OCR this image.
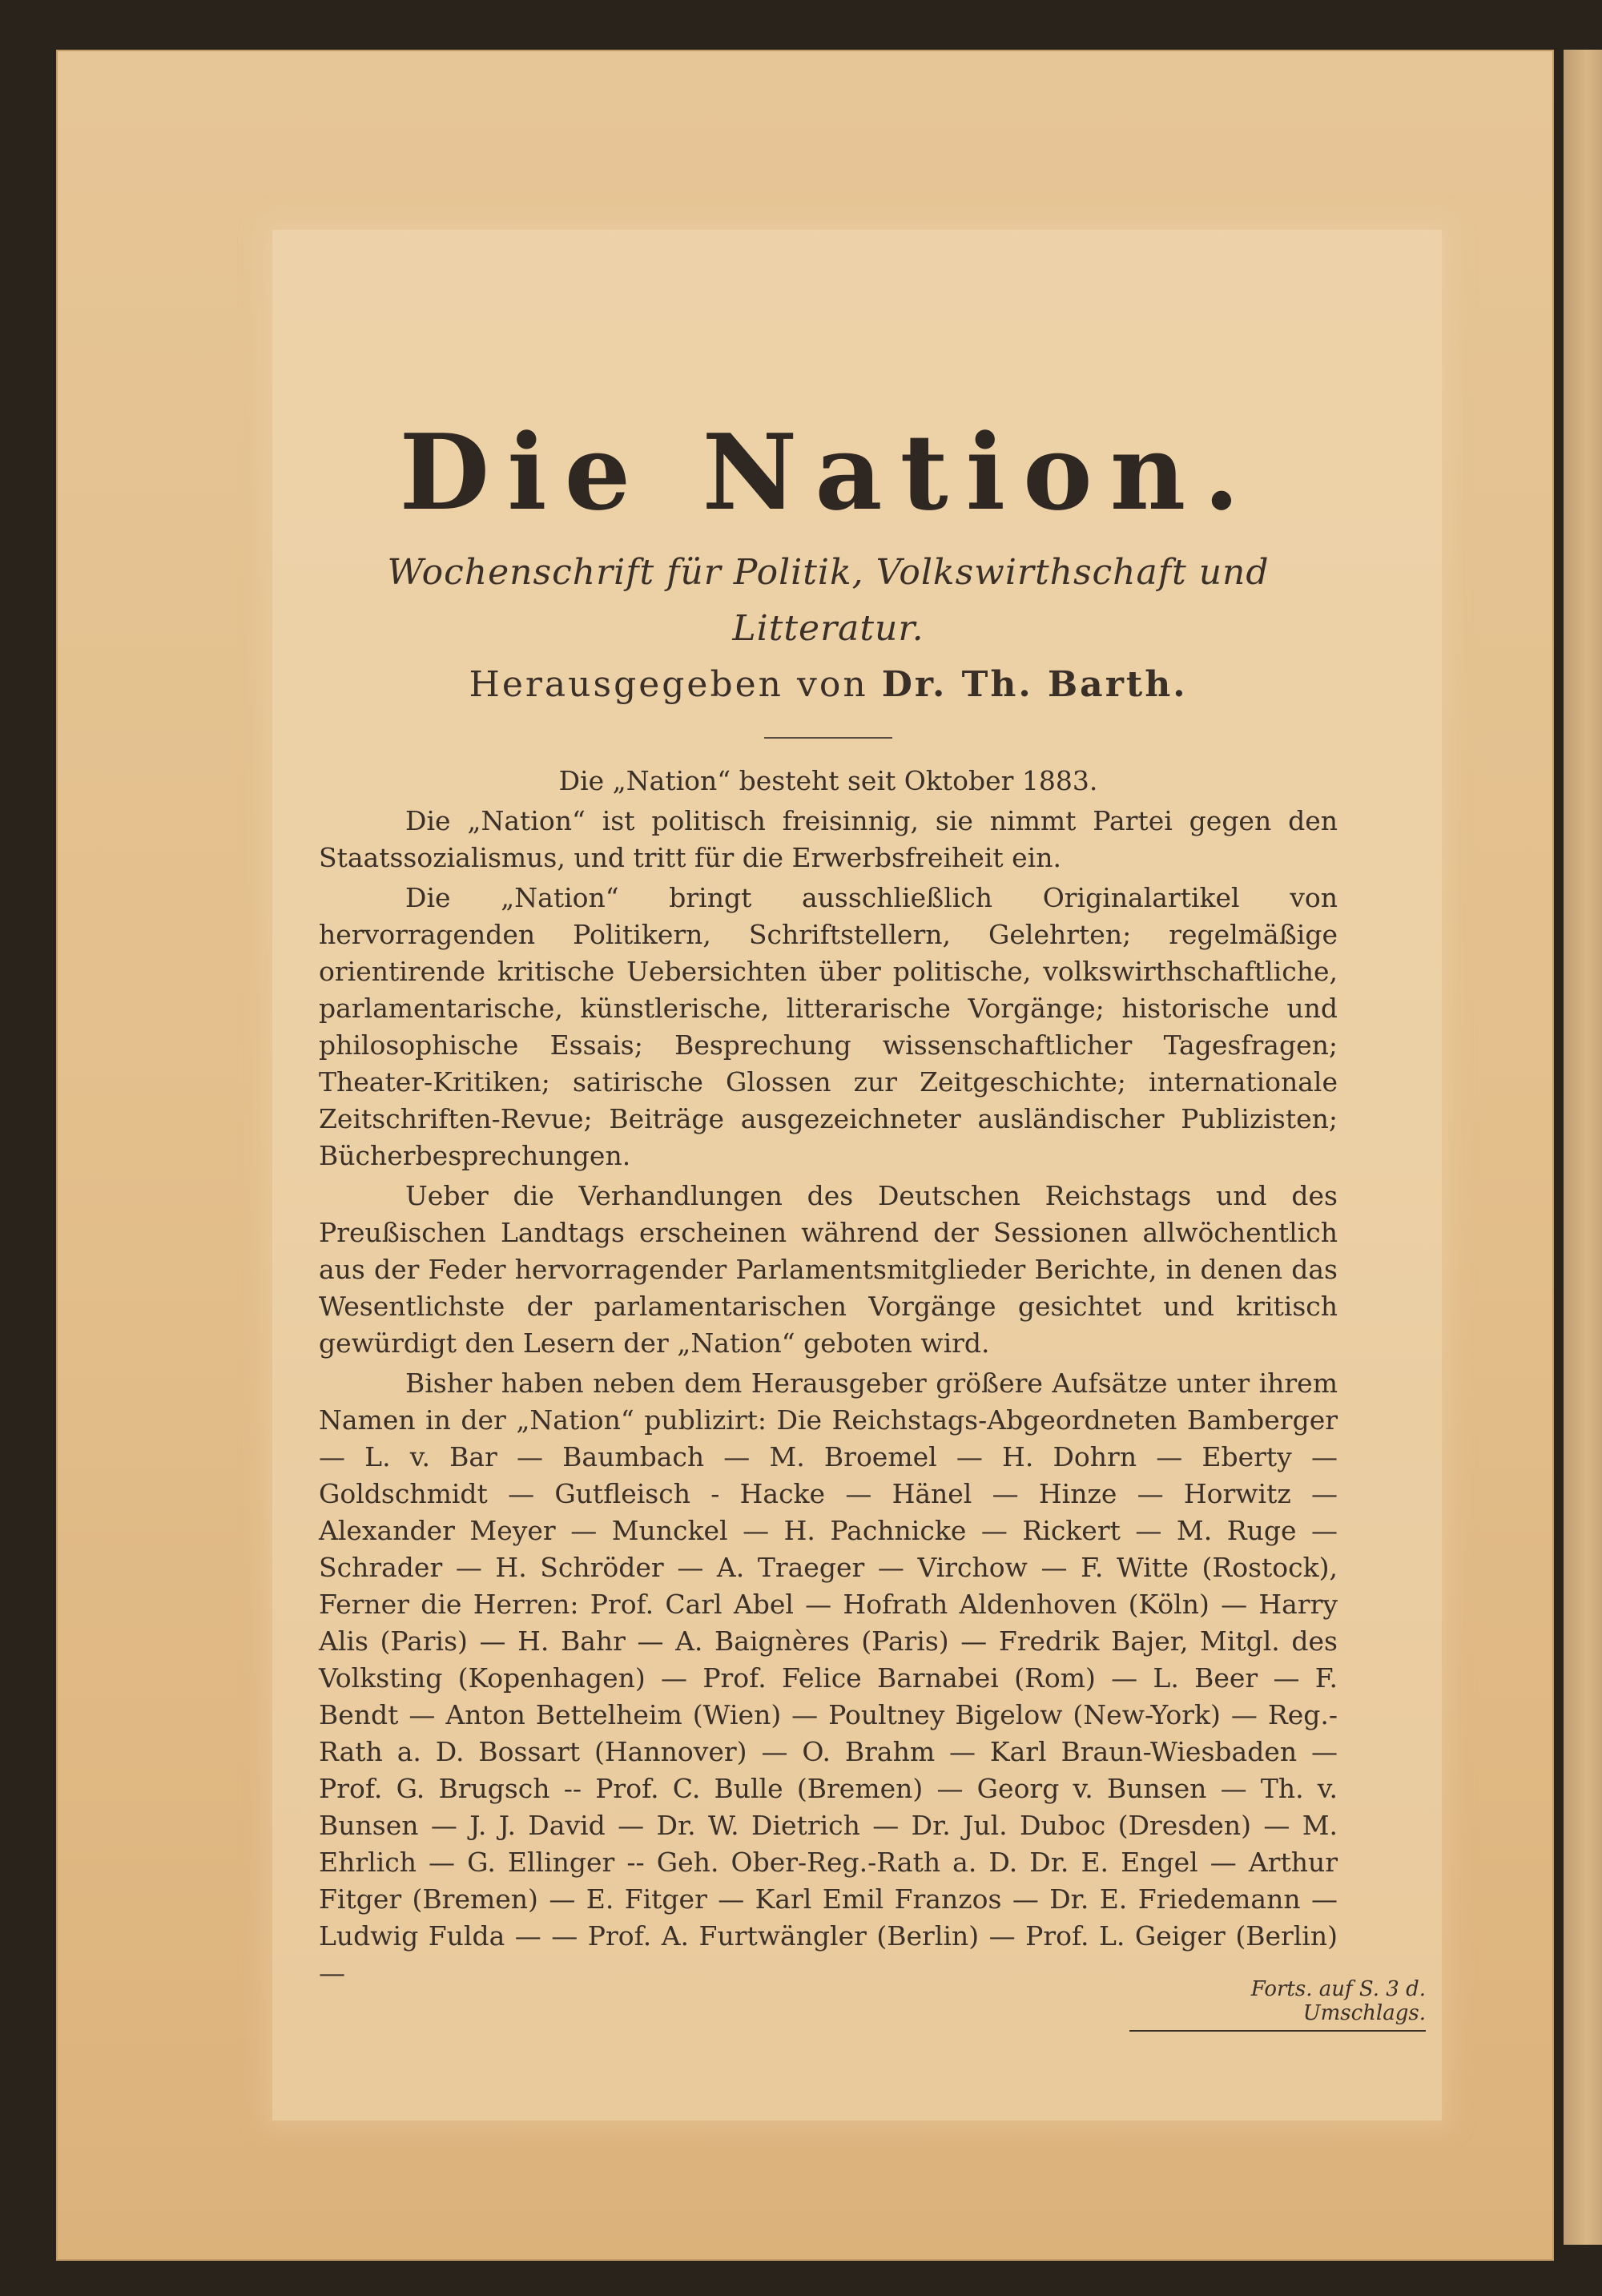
Die Nation.

Wochenschrift für Politik, Volkswirthschaft und Litteratur.

Herausgegeben von Dr. Th. Barth.

Die „Nation“ besteht seit Oktober 1883.

Die „Nation“ ist politisch freisinnig, sie nimmt Partei gegen den Staatssozialismus, und tritt für die Erwerbsfreiheit ein.

Die „Nation“ bringt ausschließlich Originalartikel von hervorragenden Politikern, Schriftstellern, Gelehrten; regelmäßige orientirende kritische Uebersichten über politische, volkswirthschaftliche, parlamentarische, künstlerische, litterarische Vorgänge; historische und philosophische Essais; Besprechung wissenschaftlicher Tagesfragen; Theater-Kritiken; satirische Glossen zur Zeitgeschichte; internationale Zeitschriften-Revue; Beiträge ausgezeichneter ausländischer Publizisten; Bücherbesprechungen.

Ueber die Verhandlungen des Deutschen Reichstags und des Preußischen Landtags erscheinen während der Sessionen allwöchentlich aus der Feder hervorragender Parlamentsmitglieder Berichte, in denen das Wesentlichste der parlamentarischen Vorgänge gesichtet und kritisch gewürdigt den Lesern der „Nation“ geboten wird.

Bisher haben neben dem Herausgeber größere Aufsätze unter ihrem Namen in der „Nation“ publizirt: Die Reichstags-Abgeordneten Bamberger — L. v. Bar — Baumbach — M. Broemel — H. Dohrn — Eberty — Goldschmidt — Gutfleisch - Hacke — Hänel — Hinze — Horwitz — Alexander Meyer — Munckel — H. Pachnicke — Rickert — M. Ruge — Schrader — H. Schröder — A. Traeger — Virchow — F. Witte (Rostock), Ferner die Herren: Prof. Carl Abel — Hofrath Aldenhoven (Köln) — Harry Alis (Paris) — H. Bahr — A. Baignères (Paris) — Fredrik Bajer, Mitgl. des Volksting (Kopenhagen) — Prof. Felice Barnabei (Rom) — L. Beer — F. Bendt — Anton Bettelheim (Wien) — Poultney Bigelow (New-York) — Reg.-Rath a. D. Bossart (Hannover) — O. Brahm — Karl Braun-Wiesbaden — Prof. G. Brugsch -- Prof. C. Bulle (Bremen) — Georg v. Bunsen — Th. v. Bunsen — J. J. David — Dr. W. Dietrich — Dr. Jul. Duboc (Dresden) — M. Ehrlich — G. Ellinger -- Geh. Ober-Reg.-Rath a. D. Dr. E. Engel — Arthur Fitger (Bremen) — E. Fitger — Karl Emil Franzos — Dr. E. Friedemann — Ludwig Fulda — — Prof. A. Furtwängler (Berlin) — Prof. L. Geiger (Berlin) —

Forts. auf S. 3 d. Umschlags.
